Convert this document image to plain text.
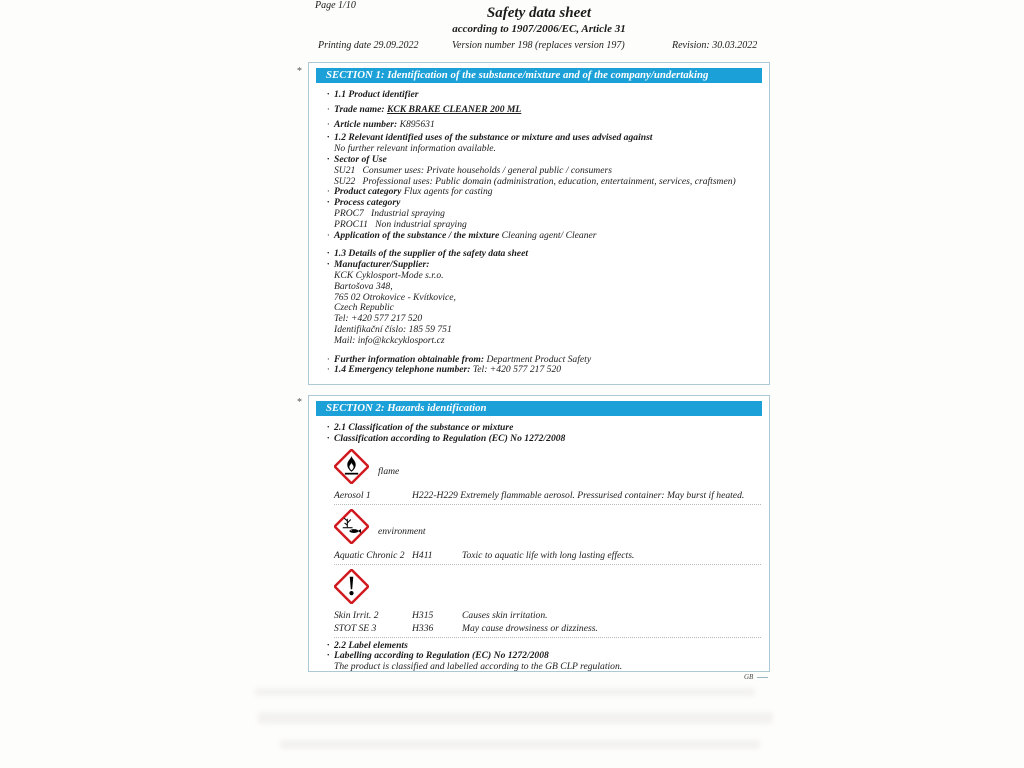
Page 1/10	Safety data sheet
according to 1907/2006/EC, Article 31
Printing date 29.09.2022	Version number 198 (replaces version 197)	Revision: 30.03.2022
*
*
SECTION 1: Identification of the substance/mixture and of the company/undertaking
· 1.1 Product identifier
· Trade name: KCK BRAKE CLEANER 200 ML
· Article number: K895631
· 1.2 Relevant identified uses of the substance or mixture and uses advised against
No further relevant information available.
· Sector of Use
SU21   Consumer uses: Private households / general public / consumers
SU22   Professional uses: Public domain (administration, education, entertainment, services, craftsmen)
· Product category Flux agents for casting
· Process category
PROC7   Industrial spraying
PROC11   Non industrial spraying
· Application of the substance / the mixture Cleaning agent/ Cleaner
· 1.3 Details of the supplier of the safety data sheet
· Manufacturer/Supplier:
KCK Cyklosport-Mode s.r.o.
Bartošova 348,
765 02 Otrokovice - Kvítkovice,
Czech Republic
Tel: +420 577 217 520
Identifikační číslo: 185 59 751
Mail: info@kckcyklosport.cz
· Further information obtainable from: Department Product Safety
· 1.4 Emergency telephone number: Tel: +420 577 217 520
SECTION 2: Hazards identification
· 2.1 Classification of the substance or mixture
· Classification according to Regulation (EC) No 1272/2008
flame
Aerosol 1	H222-H229 Extremely flammable aerosol. Pressurised container: May burst if heated.
environment
Aquatic Chronic 2 H411	Toxic to aquatic life with long lasting effects.
Skin Irrit. 2	H315	Causes skin irritation.
STOT SE 3	H336	May cause drowsiness or dizziness.
· 2.2 Label elements
· Labelling according to Regulation (EC) No 1272/2008
The product is classified and labelled according to the GB CLP regulation.
GB
